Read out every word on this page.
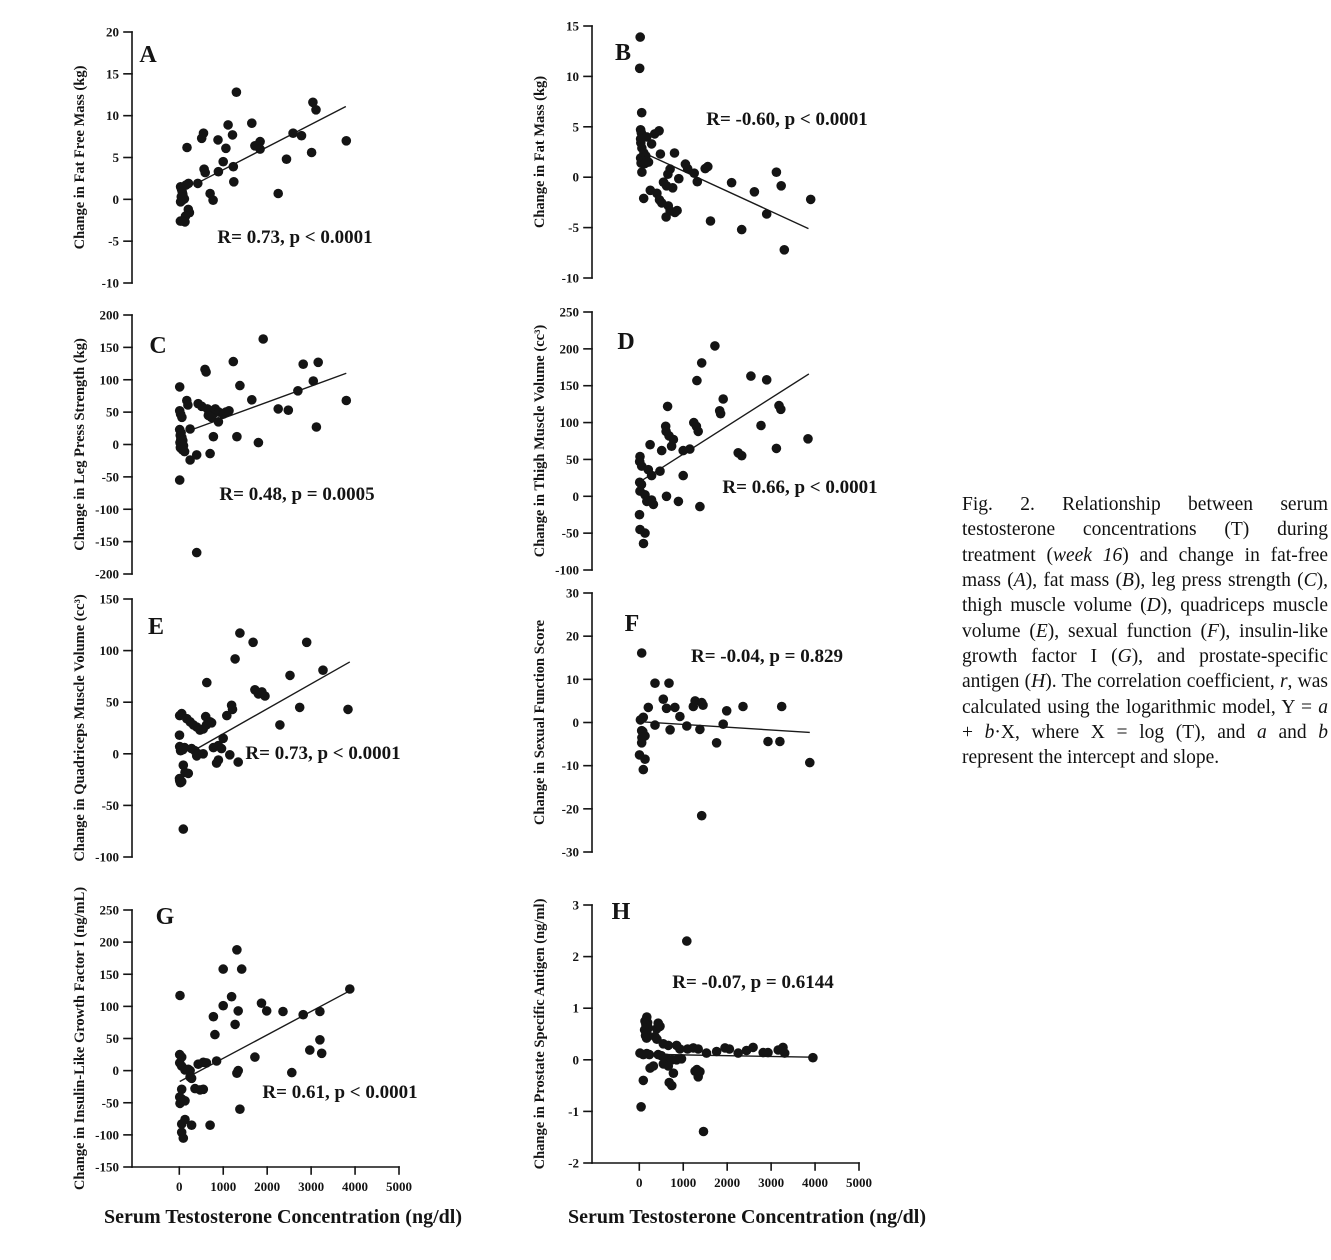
20
15
10
5
0
-5
-10
Change in Fat Free Mass (kg)
A
R= 0.73, p < 0.0001
15
10
5
0
-5
-10
Change in Fat Mass (kg)
B
R= -0.60, p < 0.0001
200
150
100
50
0
-50
-100
-150
-200
Change in Leg Press Strength (kg)	C
R= 0.48, p = 0.0005
250
200
150
100
50
0
-50
-100
Change in Thigh Muscle Volume (cc³)	D
R= 0.66, p < 0.0001
150
100
50
0
-50
-100
Change in Quadriceps Muscle Volume (cc³) E
R= 0.73, p < 0.0001
30
20
10
0
-10
-20
-30
Change in Sexual Function Score	F
R= -0.04, p = 0.829
250
200
150
100
50
0
-50
-100
-150
Change in Insulin-Like Growth Factor I (ng/mL)	G
R= 0.61, p < 0.0001
0 1000 2000 3000 4000 5000
3
2
1
0
-1
-2
Change in Prostate Specific Antigen (ng/ml)	H
R= -0.07, p = 0.6144
0 1000 2000 3000 4000 5000
Serum Testosterone Concentration (ng/dl)	Serum Testosterone Concentration (ng/dl)

Fig. 2. Relationship between serum testosterone concentrations (T) during treatment (week 16) and change in fat-free mass (A), fat mass (B), leg press strength (C), thigh muscle volume (D), quadriceps muscle volume (E), sexual function (F), insulin-like growth factor I (G), and prostate-specific antigen (H). The correlation coefficient, r, was calculated using the logarithmic model, Y = a + b·X, where X = log (T), and a and b represent the intercept and slope.
